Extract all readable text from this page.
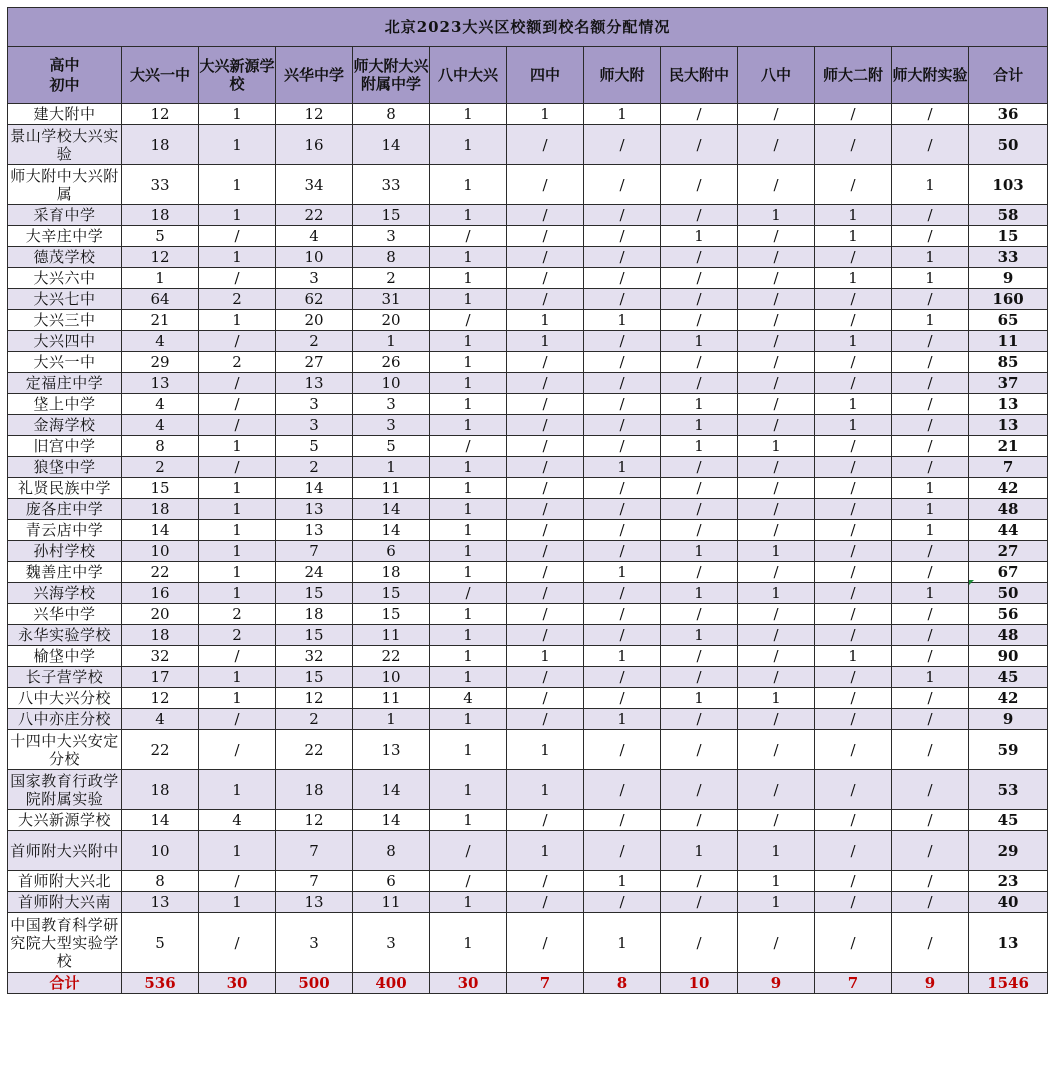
北京2023大兴区校额到校名额分配情况												
高中
初中	大兴一中	大兴新源学校	兴华中学	师大附大兴附属中学	八中大兴	四中	师大附	民大附中	八中	师大二附	师大附实验	合计
建大附中	12	1	12	8	1	1	1	/	/	/	/	36
景山学校大兴实验	18	1	16	14	1	/	/	/	/	/	/	50
师大附中大兴附属	33	1	34	33	1	/	/	/	/	/	1	103
采育中学	18	1	22	15	1	/	/	/	1	1	/	58
大辛庄中学	5	/	4	3	/	/	/	1	/	1	/	15
德茂学校	12	1	10	8	1	/	/	/	/	/	1	33
大兴六中	1	/	3	2	1	/	/	/	/	1	1	9
大兴七中	64	2	62	31	1	/	/	/	/	/	/	160
大兴三中	21	1	20	20	/	1	1	/	/	/	1	65
大兴四中	4	/	2	1	1	1	/	1	/	1	/	11
大兴一中	29	2	27	26	1	/	/	/	/	/	/	85
定福庄中学	13	/	13	10	1	/	/	/	/	/	/	37
垡上中学	4	/	3	3	1	/	/	1	/	1	/	13
金海学校	4	/	3	3	1	/	/	1	/	1	/	13
旧宫中学	8	1	5	5	/	/	/	1	1	/	/	21
狼垡中学	2	/	2	1	1	/	1	/	/	/	/	7
礼贤民族中学	15	1	14	11	1	/	/	/	/	/	1	42
庞各庄中学	18	1	13	14	1	/	/	/	/	/	1	48
青云店中学	14	1	13	14	1	/	/	/	/	/	1	44
孙村学校	10	1	7	6	1	/	/	1	1	/	/	27
魏善庄中学	22	1	24	18	1	/	1	/	/	/	/	67
兴海学校	16	1	15	15	/	/	/	1	1	/	1	50
兴华中学	20	2	18	15	1	/	/	/	/	/	/	56
永华实验学校	18	2	15	11	1	/	/	1	/	/	/	48
榆垡中学	32	/	32	22	1	1	1	/	/	1	/	90
长子营学校	17	1	15	10	1	/	/	/	/	/	1	45
八中大兴分校	12	1	12	11	4	/	/	1	1	/	/	42
八中亦庄分校	4	/	2	1	1	/	1	/	/	/	/	9
十四中大兴安定分校	22	/	22	13	1	1	/	/	/	/	/	59
国家教育行政学院附属实验	18	1	18	14	1	1	/	/	/	/	/	53
大兴新源学校	14	4	12	14	1	/	/	/	/	/	/	45
首师附大兴附中	10	1	7	8	/	1	/	1	1	/	/	29
首师附大兴北	8	/	7	6	/	/	1	/	1	/	/	23
首师附大兴南	13	1	13	11	1	/	/	/	1	/	/	40
中国教育科学研究院大型实验学校	5	/	3	3	1	/	1	/	/	/	/	13
合计	536	30	500	400	30	7	8	10	9	7	9	1546
